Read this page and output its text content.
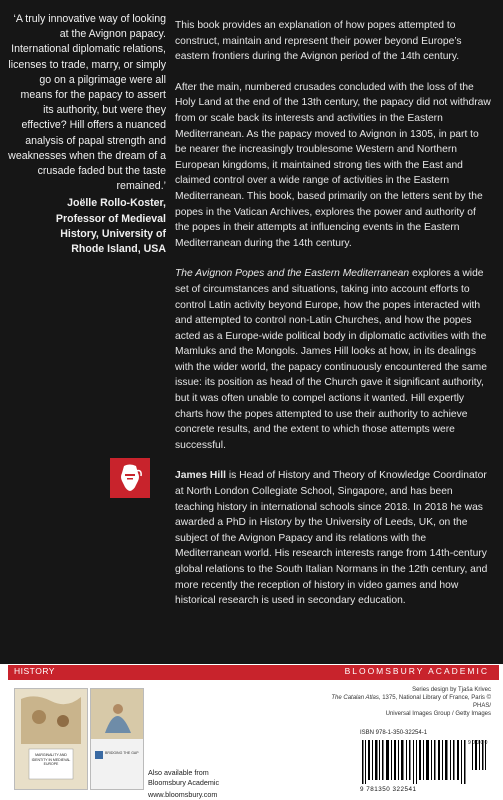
‘A truly innovative way of looking at the Avignon papacy. International diplomatic relations, licenses to trade, marry, or simply go on a pilgrimage were all means for the papacy to assert its authority, but were they effective? Hill offers a nuanced analysis of papal strength and weaknesses when the dream of a crusade faded but the taste remained.’
Joëlle Rollo-Koster,
Professor of Medieval
History, University of
Rhode Island, USA

This book provides an explanation of how popes attempted to construct, maintain and represent their power beyond Europe’s eastern frontiers during the Avignon period of the 14th century.

After the main, numbered crusades concluded with the loss of the Holy Land at the end of the 13th century, the papacy did not withdraw from or scale back its interests and activities in the Eastern Mediterranean. As the papacy moved to Avignon in 1305, in part to be nearer the increasingly troublesome Western and Northern European kingdoms, it maintained strong ties with the East and claimed control over a wide range of activities in the Eastern Mediterranean. This book, based primarily on the letters sent by the popes in the Vatican Archives, explores the power and authority of the popes in their attempts at influencing events in the Eastern Mediterranean during the 14th century.

The Avignon Popes and the Eastern Mediterranean explores a wide set of circumstances and situations, taking into account efforts to control Latin activity beyond Europe, how the popes interacted with and attempted to control non-Latin Churches, and how the popes acted as a Europe-wide political body in diplomatic activities with the Mamluks and the Mongols. James Hill looks at how, in its dealings with the wider world, the papacy continuously encountered the same issue: its position as head of the Church gave it significant authority, but it was often unable to compel actions it wanted. Hill expertly charts how the popes attempted to use their authority to achieve concrete results, and the extent to which those attempts were successful.

James Hill is Head of History and Theory of Knowledge Coordinator at North London Collegiate School, Singapore, and has been teaching history in international schools since 2018. In 2018 he was awarded a PhD in History by the University of Leeds, UK, on the subject of the Avignon Papacy and its relations with the Mediterranean world. His research interests range from 14th-century global relations to the South Italian Normans in the 12th century, and more recently the reception of history in video games and how historical research is used in secondary education.

HISTORY	BLOOMSBURY ACADEMIC
MARGINALITY AND IDENTITY IN MEDIEVAL EUROPE
BRIDGING THE GAP
Also available from
Bloomsbury Academic
www.bloomsbury.com
Series design by Tjaša Krivec
The Catalan Atlas, 1375, National Library of France, Paris © PHAS/
Universal Images Group / Getty Images
ISBN 978-1-350-32254-1
9 0 0 0 0
9 781350 322541
